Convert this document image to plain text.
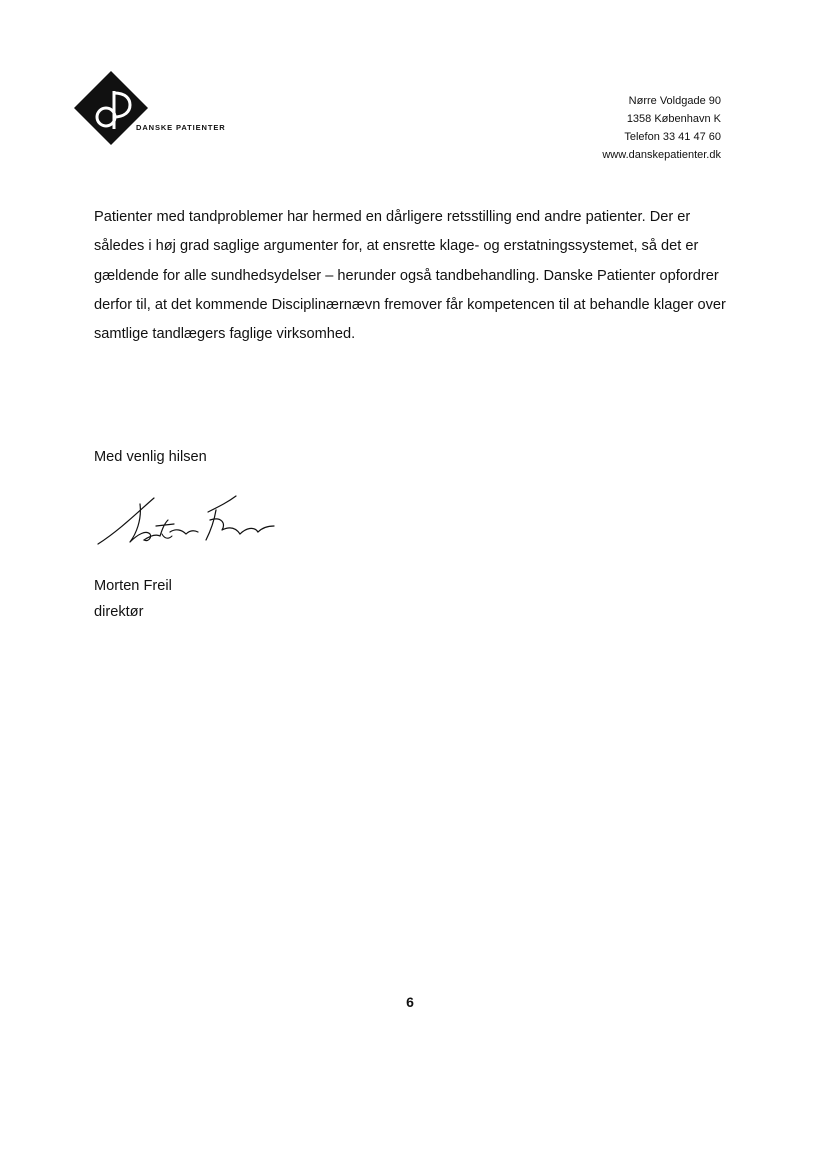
DANSKE PATIENTER
Nørre Voldgade 90
1358 København K
Telefon 33 41 47 60
www.danskepatienter.dk
Patienter med tandproblemer har hermed en dårligere retsstilling end andre patienter. Der er således i høj grad saglige argumenter for, at ensrette klage- og erstatningssystemet, så det er gældende for alle sundhedsydelser – herunder også tandbehandling. Danske Patienter opfordrer derfor til, at det kommende Disciplinærnævn fremover får kompetencen til at behandle klager over samtlige tandlægers faglige virksomhed.
Med venlig hilsen
Morten Freil
direktør
6
